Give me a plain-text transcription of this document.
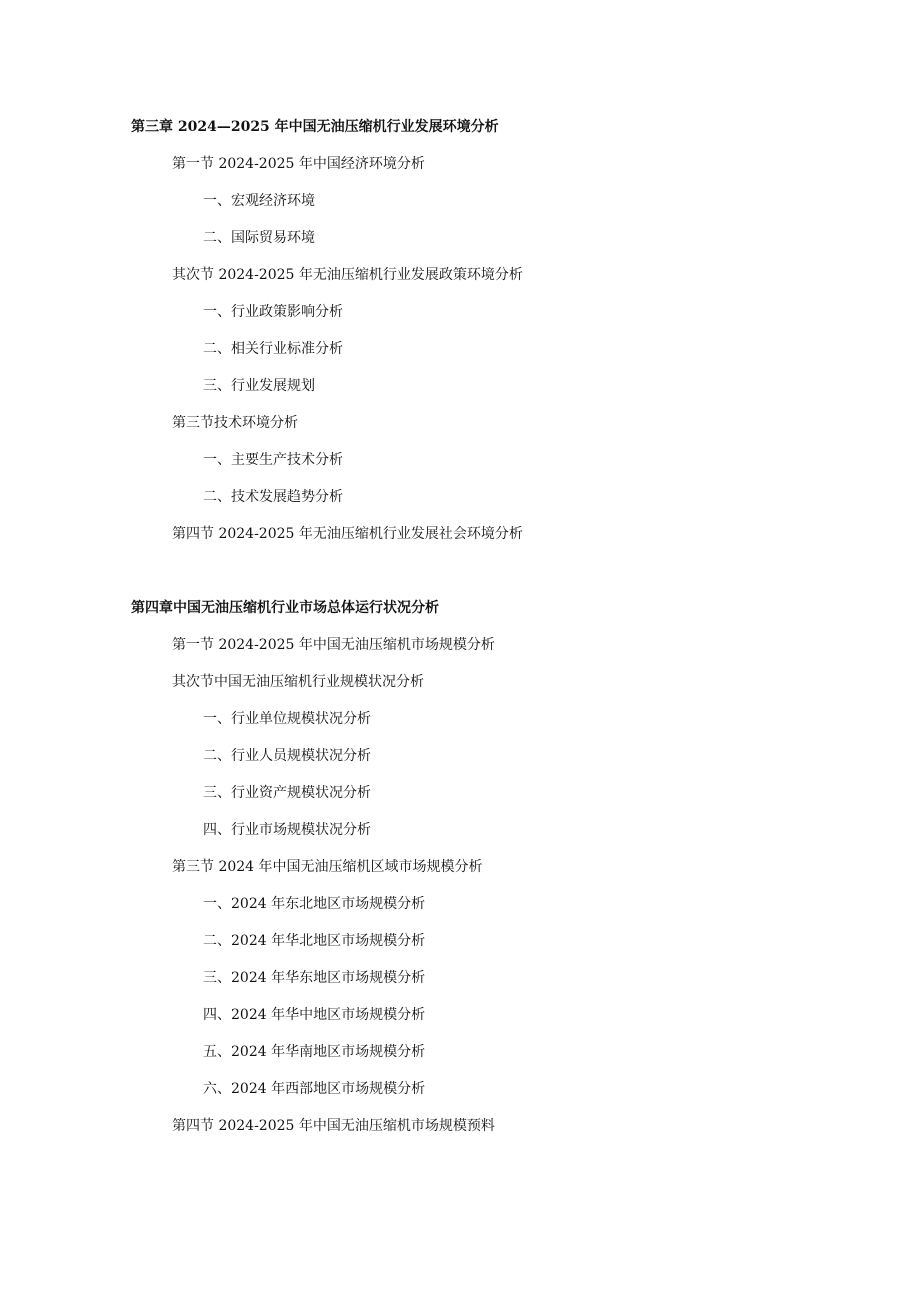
第三章 2024—2025 年中国无油压缩机行业发展环境分析
第一节 2024-2025 年中国经济环境分析
一、宏观经济环境
二、国际贸易环境
其次节 2024-2025 年无油压缩机行业发展政策环境分析
一、行业政策影响分析
二、相关行业标准分析
三、行业发展规划
第三节技术环境分析
一、主要生产技术分析
二、技术发展趋势分析
第四节 2024-2025 年无油压缩机行业发展社会环境分析
第四章中国无油压缩机行业市场总体运行状况分析
第一节 2024-2025 年中国无油压缩机市场规模分析
其次节中国无油压缩机行业规模状况分析
一、行业单位规模状况分析
二、行业人员规模状况分析
三、行业资产规模状况分析
四、行业市场规模状况分析
第三节 2024 年中国无油压缩机区域市场规模分析
一、2024 年东北地区市场规模分析
二、2024 年华北地区市场规模分析
三、2024 年华东地区市场规模分析
四、2024 年华中地区市场规模分析
五、2024 年华南地区市场规模分析
六、2024 年西部地区市场规模分析
第四节 2024-2025 年中国无油压缩机市场规模预料
